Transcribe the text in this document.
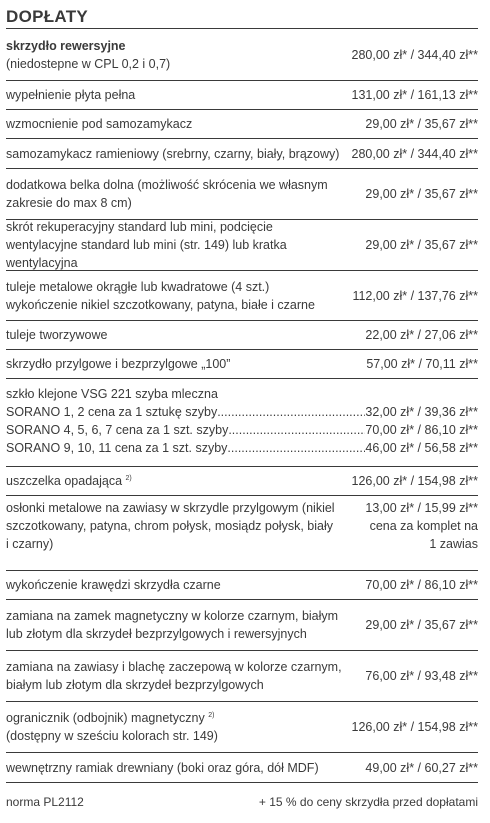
DOPŁATY
skrzydło rewersyjne
(niedostepne w CPL 0,2 i 0,7)
280,00 zł* / 344,40 zł**
wypełnienie płyta pełna	131,00 zł* / 161,13 zł**
wzmocnienie pod samozamykacz	29,00 zł* / 35,67 zł**
samozamykacz ramieniowy (srebrny, czarny, biały, brązowy) 280,00 zł* / 344,40 zł**
dodatkowa belka dolna (możliwość skrócenia we własnym zakresie do max 8 cm)
29,00 zł* / 35,67 zł**
skrót rekuperacyjny standard lub mini, podcięcie wentylacyjne standard lub mini (str. 149) lub kratka wentylacyjna
29,00 zł* / 35,67 zł**
tuleje metalowe okrągłe lub kwadratowe (4 szt.) wykończenie nikiel szczotkowany, patyna, białe i czarne
112,00 zł* / 137,76 zł**
tuleje tworzywowe	22,00 zł* / 27,06 zł**
skrzydło przylgowe i bezprzylgowe „100”	57,00 zł* / 70,11 zł**
szkło klejone VSG 221 szyba mleczna
SORANO 1, 2 cena za 1 sztukę szyby .....	32,00 zł* / 39,36 zł**
SORANO 4, 5, 6, 7 cena za 1 szt. szyby .....	70,00 zł* / 86,10 zł**
SORANO 9, 10, 11 cena za 1 szt. szyby .....	46,00 zł* / 56,58 zł**
uszczelka opadająca $^{2)}$	126,00 zł* / 154,98 zł**
osłonki metalowe na zawiasy w skrzydle przylgowym (nikiel szczotkowany, patyna, chrom połysk, mosiądz połysk, biały i czarny)
13,00 zł* / 15,99 zł**
cena za komplet na 1 zawias
wykończenie krawędzi skrzydła czarne	70,00 zł* / 86,10 zł**
zamiana na zamek magnetyczny w kolorze czarnym, białym lub złotym dla skrzydeł bezprzylgowych i rewersyjnych
29,00 zł* / 35,67 zł**
zamiana na zawiasy i blachę zaczepową w kolorze czarnym, białym lub złotym dla skrzydeł bezprzylgowych
76,00 zł* / 93,48 zł**
ogranicznik (odbojnik) magnetyczny $^{2)}$
(dostępny w sześciu kolorach str. 149)
126,00 zł* / 154,98 zł**
wewnętrzny ramiak drewniany (boki oraz góra, dół MDF)	49,00 zł* / 60,27 zł**
norma PL2112	+ 15 % do ceny skrzydła przed dopłatami
